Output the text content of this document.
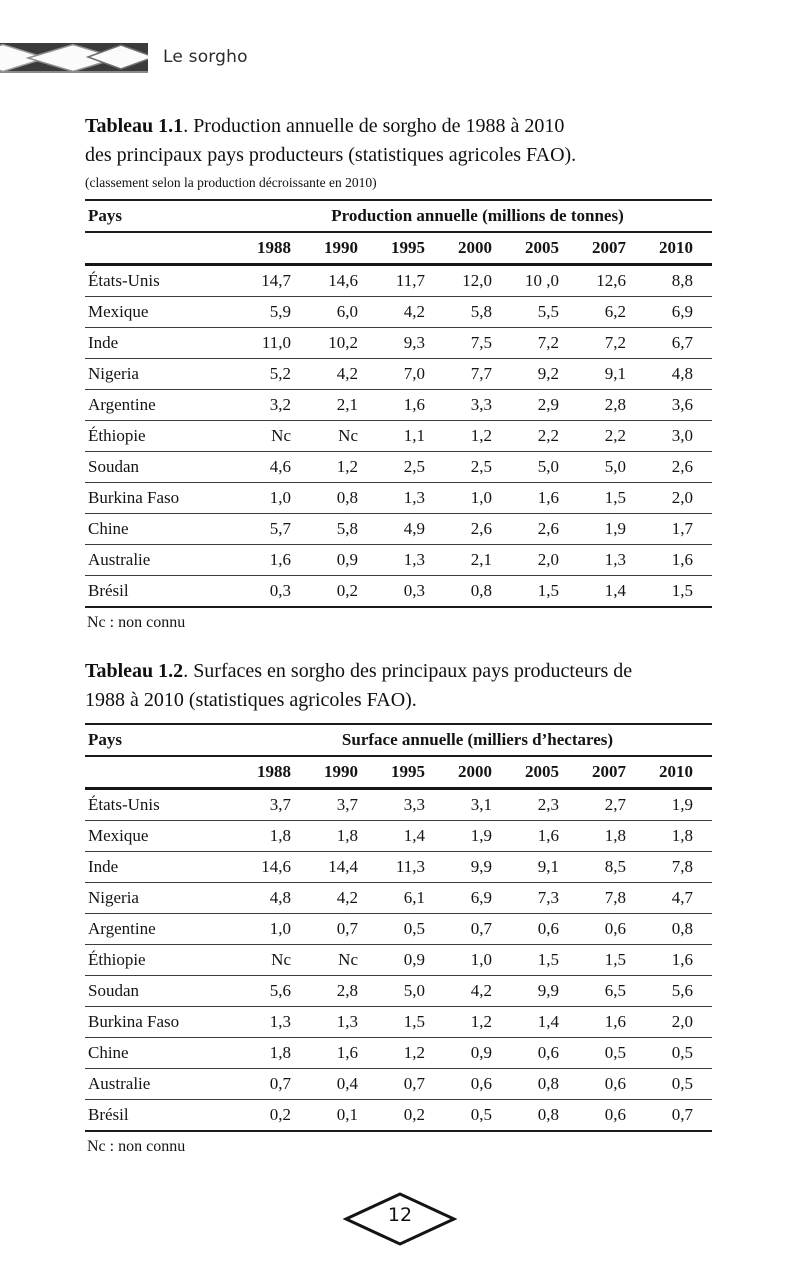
Le sorgho

Tableau 1.1. Production annuelle de sorgho de 1988 à 2010
des principaux pays producteurs (statistiques agricoles FAO).

(classement selon la production décroissante en 2010)

Pays	Production annuelle (millions de tonnes)						
	1988	1990	1995	2000	2005	2007	2010
États-Unis	14,7	14,6	11,7	12,0	10 ,0	12,6	8,8
Mexique	5,9	6,0	4,2	5,8	5,5	6,2	6,9
Inde	11,0	10,2	9,3	7,5	7,2	7,2	6,7
Nigeria	5,2	4,2	7,0	7,7	9,2	9,1	4,8
Argentine	3,2	2,1	1,6	3,3	2,9	2,8	3,6
Éthiopie	Nc	Nc	1,1	1,2	2,2	2,2	3,0
Soudan	4,6	1,2	2,5	2,5	5,0	5,0	2,6
Burkina Faso	1,0	0,8	1,3	1,0	1,6	1,5	2,0
Chine	5,7	5,8	4,9	2,6	2,6	1,9	1,7
Australie	1,6	0,9	1,3	2,1	2,0	1,3	1,6
Brésil	0,3	0,2	0,3	0,8	1,5	1,4	1,5

Nc : non connu

Tableau 1.2. Surfaces en sorgho des principaux pays producteurs de
1988 à 2010 (statistiques agricoles FAO).

Pays	Surface annuelle (milliers d’hectares)						
	1988	1990	1995	2000	2005	2007	2010
États-Unis	3,7	3,7	3,3	3,1	2,3	2,7	1,9
Mexique	1,8	1,8	1,4	1,9	1,6	1,8	1,8
Inde	14,6	14,4	11,3	9,9	9,1	8,5	7,8
Nigeria	4,8	4,2	6,1	6,9	7,3	7,8	4,7
Argentine	1,0	0,7	0,5	0,7	0,6	0,6	0,8
Éthiopie	Nc	Nc	0,9	1,0	1,5	1,5	1,6
Soudan	5,6	2,8	5,0	4,2	9,9	6,5	5,6
Burkina Faso	1,3	1,3	1,5	1,2	1,4	1,6	2,0
Chine	1,8	1,6	1,2	0,9	0,6	0,5	0,5
Australie	0,7	0,4	0,7	0,6	0,8	0,6	0,5
Brésil	0,2	0,1	0,2	0,5	0,8	0,6	0,7

Nc : non connu

12
